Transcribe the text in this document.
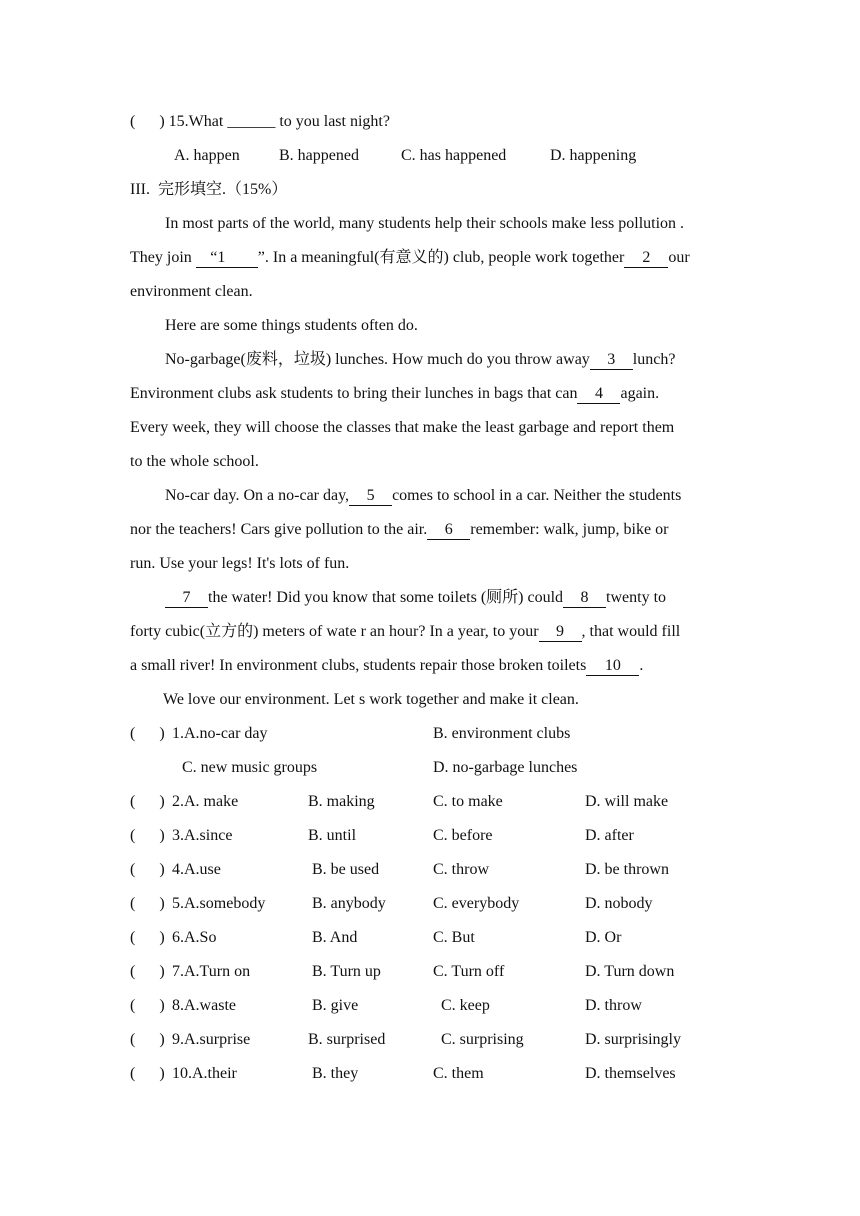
(      ) 15.What ______ to you last night?
A. happen B. happened	C. has happened	D. happening
III.  完形填空.（15%）
In most parts of the world, many students help their schools make less pollution .
They join “1 ”. In a meaningful(有意义的) club, people work together 2 our
environment clean.
Here are some things students often do.
No-garbage(废料，垃圾) lunches. How much do you throw away 3 lunch?
Environment clubs ask students to bring their lunches in bags that can 4 again.
Every week, they will choose the classes that make the least garbage and report them
to the whole school.
No-car day. On a no-car day, 5 comes to school in a car. Neither the students
nor the teachers! Cars give pollution to the air. 6 remember: walk, jump, bike or
run. Use your legs! It's lots of fun.
7 the water! Did you know that some toilets (厕所) could 8 twenty to
forty cubic(立方的) meters of wate r an hour? In a year, to your 9 , that would fill
a small river! In environment clubs, students repair those broken toilets 10 .
We love our environment. Let s work together and make it clean.
(      ) 1.A.no-car day	B. environment clubs
C. new music groups	D. no-garbage lunches
(      ) 2.A. make	B. making	C. to make	D. will make
(      ) 3.A.since	B. until	C. before	D. after
(      ) 4.A.use	B. be used	C. throw	D. be thrown
(      ) 5.A.somebody	B. anybody	C. everybody	D. nobody
(      ) 6.A.So	B. And	C. But	D. Or
(      ) 7.A.Turn on	B. Turn up	C. Turn off	D. Turn down
(      ) 8.A.waste	B. give	C. keep	D. throw
(      ) 9.A.surprise	B. surprised	C. surprising	D. surprisingly
(      ) 10.A.their	B. they	C. them	D. themselves
